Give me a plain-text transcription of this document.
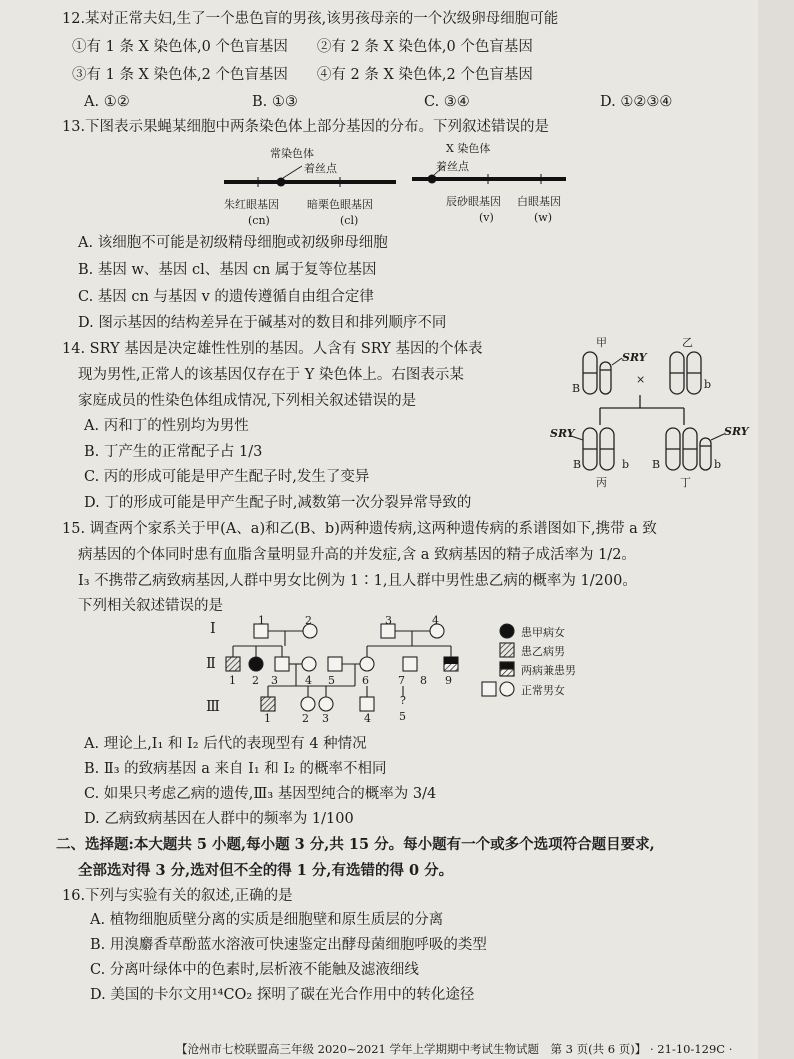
12.某对正常夫妇,生了一个患色盲的男孩,该男孩母亲的一个次级卵母细胞可能
①有 1 条 X 染色体,0 个色盲基因　　②有 2 条 X 染色体,0 个色盲基因
③有 1 条 X 染色体,2 个色盲基因　　④有 2 条 X 染色体,2 个色盲基因
A. ①②	B. ①③	C. ③④	D. ①②③④
13.下图表示果蝇某细胞中两条染色体上部分基因的分布。下列叙述错误的是
常染色体	X 染色体
着丝点	着丝点
朱红眼基因
(cn)
暗栗色眼基因
(cl)
辰砂眼基因
(v)
白眼基因
(w)
A. 该细胞不可能是初级精母细胞或初级卵母细胞
B. 基因 w、基因 cl、基因 cn 属于复等位基因
C. 基因 cn 与基因 v 的遗传遵循自由组合定律
D. 图示基因的结构差异在于碱基对的数目和排列顺序不同
14. SRY 基因是决定雄性性别的基因。人含有 SRY 基因的个体表
现为男性,正常人的该基因仅存在于 Y 染色体上。右图表示某
家庭成员的性染色体组成情况,下列相关叙述错误的是
A. 丙和丁的性别均为男性
B. 丁产生的正常配子占 1/3
C. 丙的形成可能是甲产生配子时,发生了变异
D. 丁的形成可能是甲产生配子时,减数第一次分裂异常导致的
甲	乙
SRY
×
B	b
SRY	SRY
B	b B	b
丙	丁
15. 调查两个家系关于甲(A、a)和乙(B、b)两种遗传病,这两种遗传病的系谱图如下,携带 a 致
病基因的个体同时患有血脂含量明显升高的并发症,含 a 致病基因的精子成活率为 1/2。
Ⅰ₃ 不携带乙病致病基因,人群中男女比例为 1∶1,且人群中男性患乙病的概率为 1/200。
下列相关叙述错误的是
1	2	3	4
1 2 3 4 5 6	7 8 9
1	2 3	4	5
Ⅰ
Ⅱ
Ⅲ	?
患甲病女
患乙病男
两病兼患男
正常男女
A. 理论上,Ⅰ₁ 和 Ⅰ₂ 后代的表现型有 4 种情况
B. Ⅱ₃ 的致病基因 a 来自 Ⅰ₁ 和 Ⅰ₂ 的概率不相同
C. 如果只考虑乙病的遗传,Ⅲ₃ 基因型纯合的概率为 3/4
D. 乙病致病基因在人群中的频率为 1/100
二、选择题:本大题共 5 小题,每小题 3 分,共 15 分。每小题有一个或多个选项符合题目要求,
全部选对得 3 分,选对但不全的得 1 分,有选错的得 0 分。
16.下列与实验有关的叙述,正确的是
A. 植物细胞质壁分离的实质是细胞壁和原生质层的分离
B. 用溴麝香草酚蓝水溶液可快速鉴定出酵母菌细胞呼吸的类型
C. 分离叶绿体中的色素时,层析液不能触及滤液细线
D. 美国的卡尔文用¹⁴CO₂ 探明了碳在光合作用中的转化途径
【沧州市七校联盟高三年级 2020~2021 学年上学期期中考试生物试题　第 3 页(共 6 页)】 · 21-10-129C ·
